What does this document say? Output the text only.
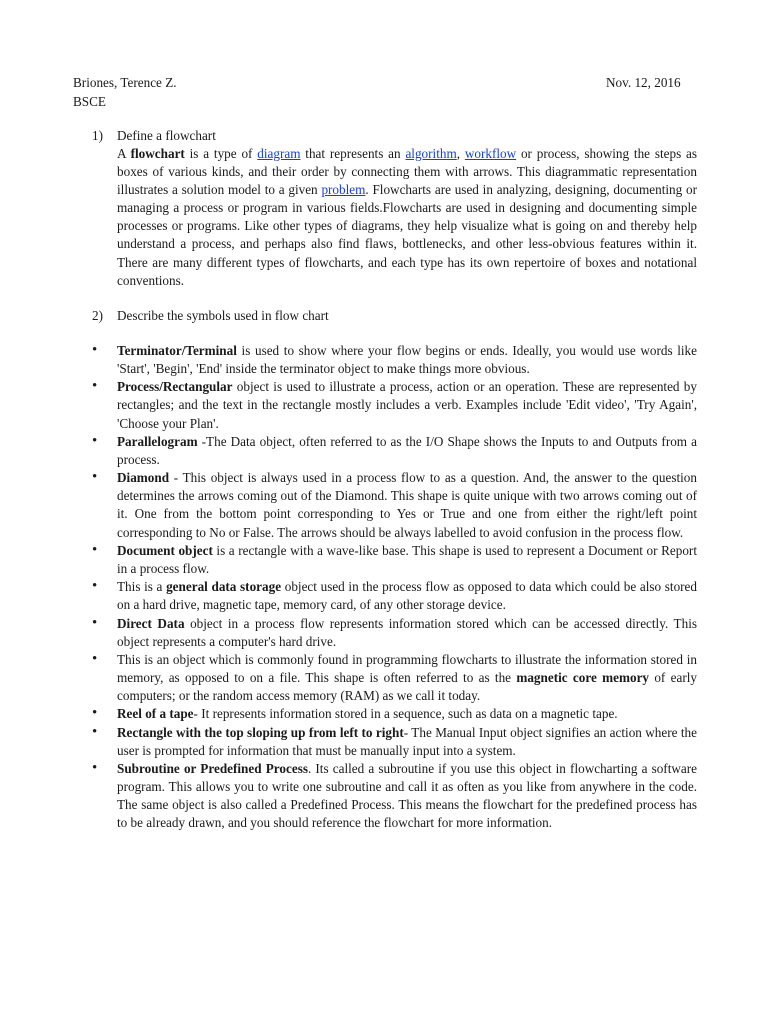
Briones, Terence Z.
BSCE
Nov. 12, 2016
1) Define a flowchart
A flowchart is a type of diagram that represents an algorithm, workflow or process, showing the steps as boxes of various kinds, and their order by connecting them with arrows. This diagrammatic representation illustrates a solution model to a given problem. Flowcharts are used in analyzing, designing, documenting or managing a process or program in various fields.Flowcharts are used in designing and documenting simple processes or programs. Like other types of diagrams, they help visualize what is going on and thereby help understand a process, and perhaps also find flaws, bottlenecks, and other less-obvious features within it. There are many different types of flowcharts, and each type has its own repertoire of boxes and notational conventions.
2) Describe the symbols used in flow chart
• Terminator/Terminal is used to show where your flow begins or ends. Ideally, you would use words like 'Start', 'Begin', 'End' inside the terminator object to make things more obvious.
• Process/Rectangular object is used to illustrate a process, action or an operation. These are represented by rectangles; and the text in the rectangle mostly includes a verb. Examples include 'Edit video', 'Try Again', 'Choose your Plan'.
• Parallelogram -The Data object, often referred to as the I/O Shape shows the Inputs to and Outputs from a process.
• Diamond - This object is always used in a process flow to as a question. And, the answer to the question determines the arrows coming out of the Diamond. This shape is quite unique with two arrows coming out of it. One from the bottom point corresponding to Yes or True and one from either the right/left point corresponding to No or False. The arrows should be always labelled to avoid confusion in the process flow.
• Document object is a rectangle with a wave-like base. This shape is used to represent a Document or Report in a process flow.
• This is a general data storage object used in the process flow as opposed to data which could be also stored on a hard drive, magnetic tape, memory card, of any other storage device.
• Direct Data object in a process flow represents information stored which can be accessed directly. This object represents a computer's hard drive.
• This is an object which is commonly found in programming flowcharts to illustrate the information stored in memory, as opposed to on a file. This shape is often referred to as the magnetic core memory of early computers; or the random access memory (RAM) as we call it today.
• Reel of a tape- It represents information stored in a sequence, such as data on a magnetic tape.
• Rectangle with the top sloping up from left to right- The Manual Input object signifies an action where the user is prompted for information that must be manually input into a system.
• Subroutine or Predefined Process. Its called a subroutine if you use this object in flowcharting a software program. This allows you to write one subroutine and call it as often as you like from anywhere in the code. The same object is also called a Predefined Process. This means the flowchart for the predefined process has to be already drawn, and you should reference the flowchart for more information.
